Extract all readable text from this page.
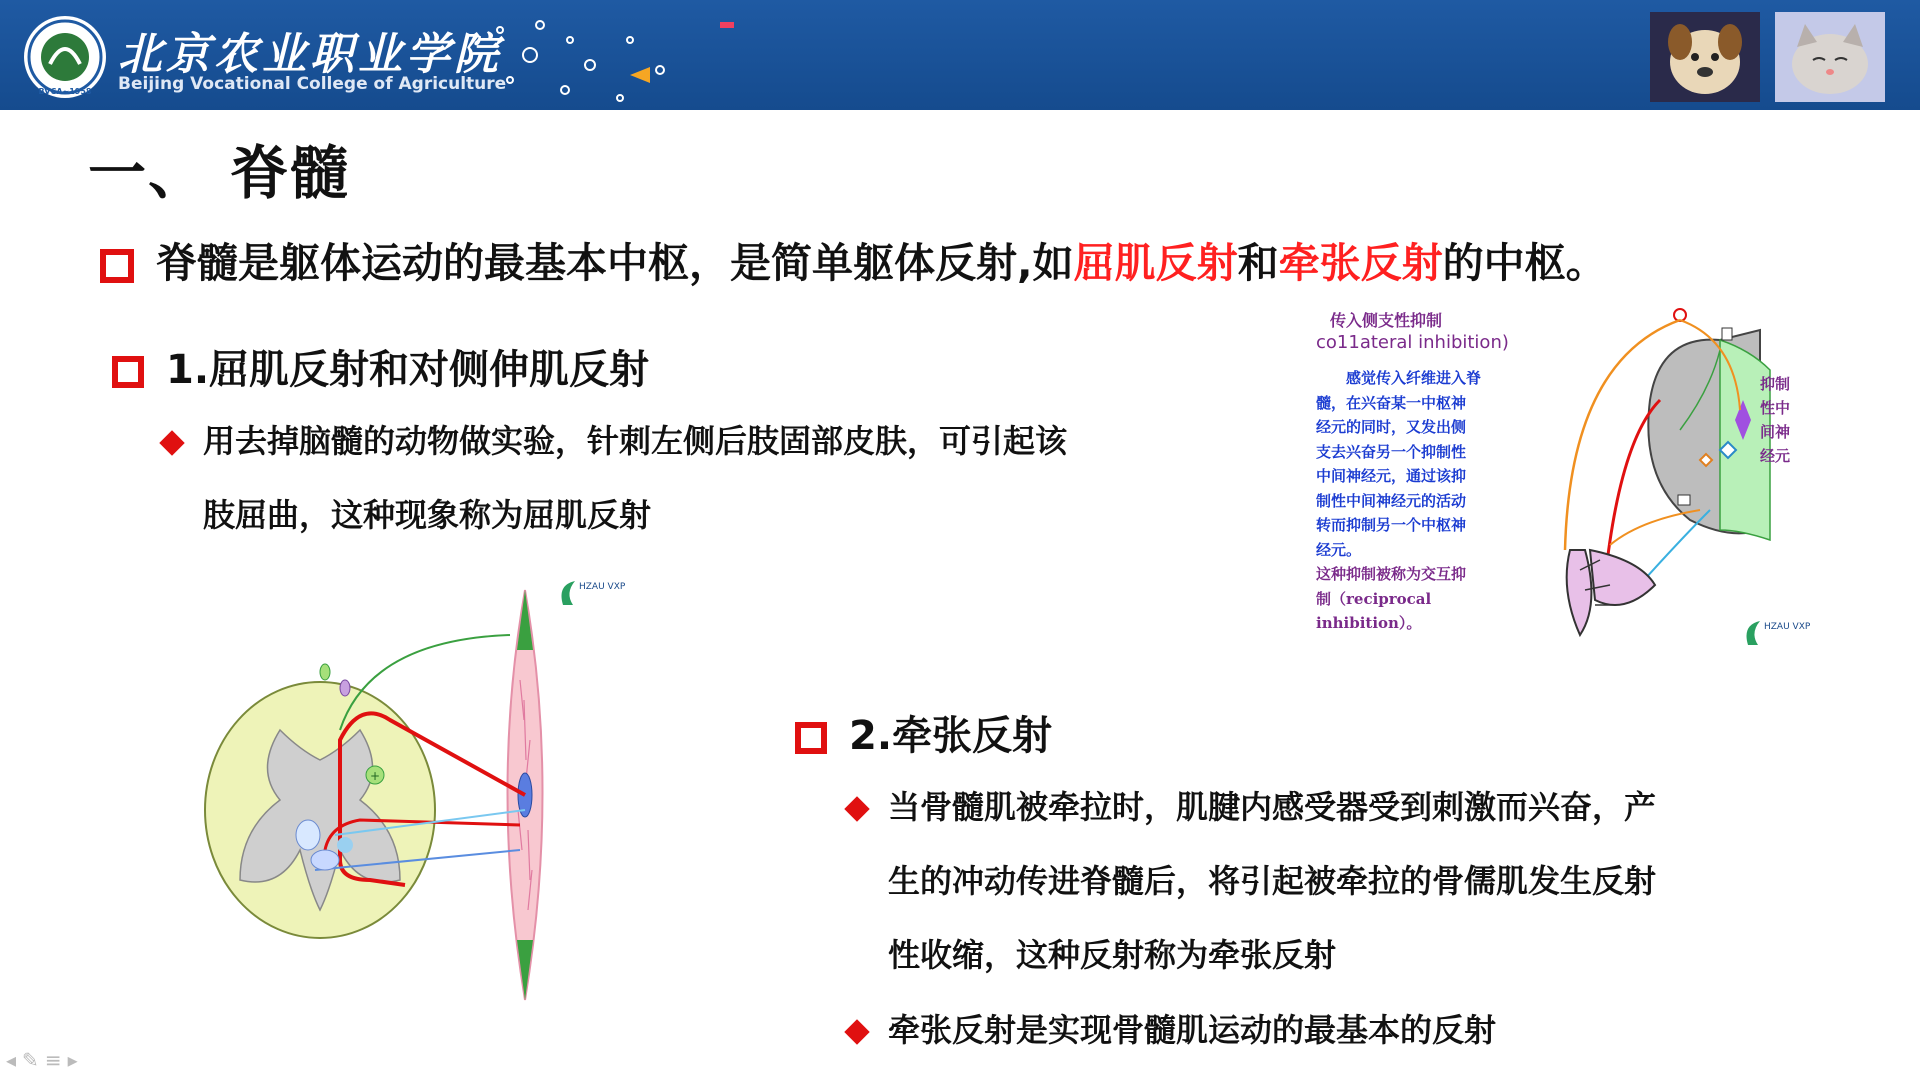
BVCA~1958
北京农业职业学院
Beijing Vocational College of Agriculture
一、 脊髓
脊髓是躯体运动的最基本中枢，是简单躯体反射,如屈肌反射和牵张反射的中枢。
1.屈肌反射和对侧伸肌反射
用去掉脑髓的动物做实验，针刺左侧后肢固部皮肤，可引起该
肢屈曲，这种现象称为屈肌反射
+
HZAU VXP
传入侧支性抑制
co11ateral inhibition)
感觉传入纤维进入脊
髓，在兴奋某一中枢神
经元的同时，又发出侧
支去兴奋另一个抑制性
中间神经元，通过该抑
制性中间神经元的活动
转而抑制另一个中枢神
经元。
这种抑制被称为交互抑
制（reciprocal
inhibition）。
抑制
性中
间神
经元
HZAU VXP
2.牵张反射
当骨髓肌被牵拉时，肌腱内感受器受到刺激而兴奋，产
生的冲动传进脊髓后，将引起被牵拉的骨儒肌发生反射
性收缩，这种反射称为牵张反射
牵张反射是实现骨髓肌运动的最基本的反射
◂✎≡▸
